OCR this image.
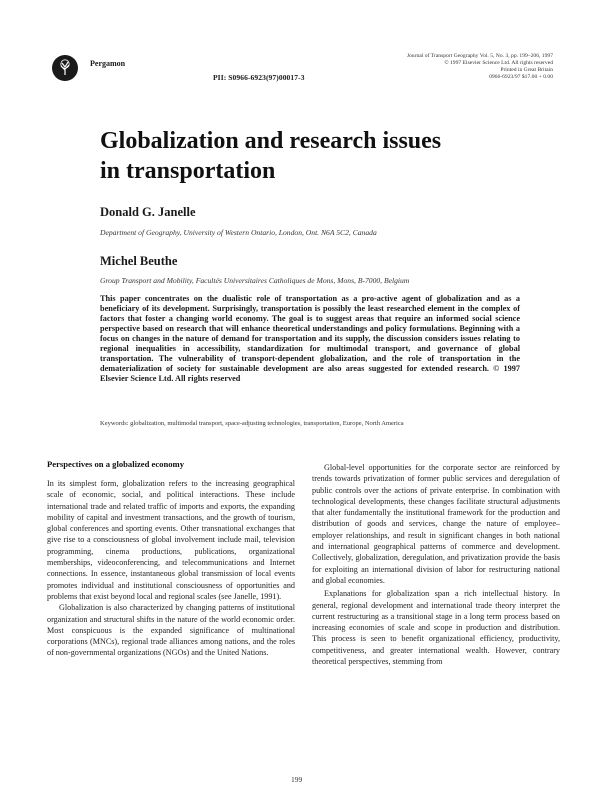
Pergamon
PII: S0966-6923(97)00017-3
Journal of Transport Geography Vol. 5, No. 3, pp. 199–206, 1997
© 1997 Elsevier Science Ltd. All rights reserved
Printed in Great Britain
0966-6923/97 $17.00 + 0.00
Globalization and research issues
in transportation
Donald G. Janelle
Department of Geography, University of Western Ontario, London, Ont. N6A 5C2, Canada
Michel Beuthe
Group Transport and Mobility, Facultés Universitaires Catholiques de Mons, Mons, B-7000, Belgium
This paper concentrates on the dualistic role of transportation as a pro-active agent of globalization and as a beneficiary of its development. Surprisingly, transportation is possibly the least researched element in the complex of factors that foster a changing world economy. The goal is to suggest areas that require an informed social science perspective based on research that will enhance theoretical understandings and policy formulations. Beginning with a focus on changes in the nature of demand for transportation and its supply, the discussion considers issues relating to regional inequalities in accessibility, standardization for multimodal transport, and governance of global transportation. The vulnerability of transport-dependent globalization, and the role of transportation in the dematerialization of society for sustainable development are also areas suggested for extended research. © 1997 Elsevier Science Ltd. All rights reserved
Keywords: globalization, multimodal transport, space-adjusting technologies, transportation, Europe, North America
Perspectives on a globalized economy

In its simplest form, globalization refers to the increasing geographical scale of economic, social, and political interactions. These include international trade and related traffic of imports and exports, the expanding mobility of capital and investment transactions, and the growth of tourism, global conferences and sporting events. Other transnational exchanges that give rise to a consciousness of global involvement include mail, television programming, cinema productions, publications, organizational memberships, videoconferencing, and telecommunications and Internet connections. In essence, instantaneous global transmission of local events promotes individual and institutional consciousness of opportunities and problems that exist beyond local and regional scales (see Janelle, 1991).

Globalization is also characterized by changing patterns of institutional organization and structural shifts in the nature of the world economic order. Most conspicuous is the expanded significance of multinational corporations (MNCs), regional trade alliances among nations, and the roles of non-governmental organizations (NGOs) and the United Nations.

Global-level opportunities for the corporate sector are reinforced by trends towards privatization of former public services and deregulation of public controls over the actions of private enterprise. In combination with technological developments, these changes facilitate structural adjustments that alter fundamentally the institutional framework for the production and distribution of goods and services, change the nature of employee–employer relationships, and result in significant changes in both national and international geographical patterns of commerce and development. Collectively, globalization, deregulation, and privatization provide the basis for exploiting an international division of labor for restructuring national and global economies.

Explanations for globalization span a rich intellectual history. In general, regional development and international trade theory interpret the current restructuring as a transitional stage in a long term process based on increasing economies of scale and scope in production and distribution. This process is seen to benefit organizational efficiency, productivity, competitiveness, and greater international wealth. However, contrary theoretical perspectives, stemming from

199
